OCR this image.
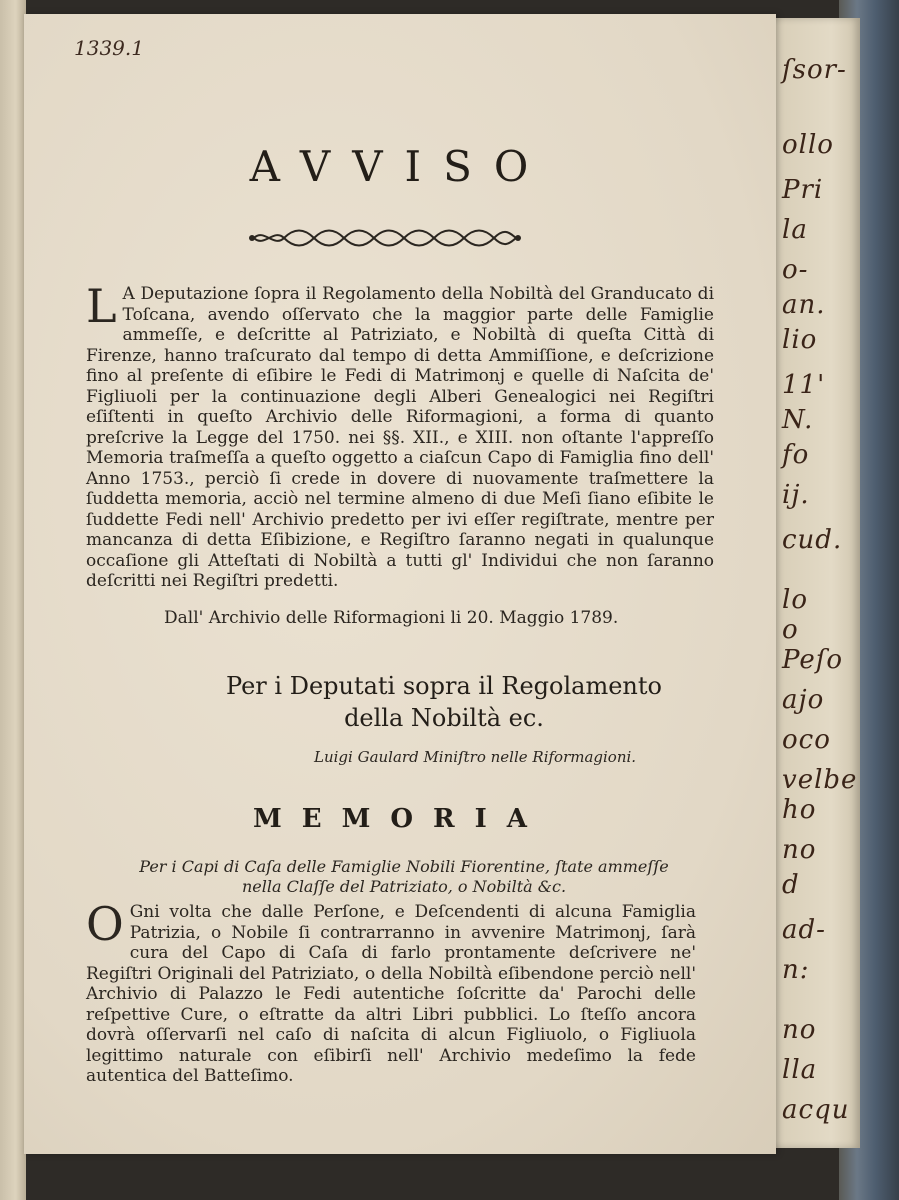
ſsor-
ollo
Pri
la
o-
an.
lio
11'
N.
fo
ij.
cud.
lo
o
Peſo
ajo
oco
velbe
ho
no
d
ad-
n:
no
lla
acqu
1339.1
AVVISO

L A Deputazione ſopra il Regolamento della Nobiltà del Granducato di Toſcana, avendo oſſervato che la maggior parte delle Famiglie ammeſſe, e deſcritte al Patriziato, e Nobiltà di queſta Città di Firenze, hanno traſcurato dal tempo di detta Ammiſſione, e deſcrizione fino al preſente di eſibire le Fedi di Matrimonj e quelle di Naſcita de' Figliuoli per la continuazione degli Alberi Genealogici nei Regiſtri eſiſtenti in queſto Archivio delle Riformagioni, a forma di quanto preſcrive la Legge del 1750. nei §§. XII., e XIII. non oſtante l'appreſſo Memoria traſmeſſa a queſto oggetto a ciaſcun Capo di Famiglia fino dell' Anno 1753., perciò ſi crede in dovere di nuovamente traſmettere la ſuddetta memoria, acciò nel termine almeno di due Meſi ſiano eſibite le ſuddette Fedi nell' Archivio predetto per ivi eſſer regiſtrate, mentre per mancanza di detta Eſibizione, e Regiſtro ſaranno negati in qualunque occaſione gli Atteſtati di Nobiltà a tutti gl' Individui che non ſaranno deſcritti nei Regiſtri predetti.

Dall' Archivio delle Riformagioni li 20. Maggio 1789.
Per i Deputati sopra il Regolamento
della Nobiltà ec.
Luigi Gaulard Miniſtro nelle Riformagioni.
MEMORIA
Per i Capi di Caſa delle Famiglie Nobili Fiorentine, ſtate ammeſſe
nella Claſſe del Patriziato, o Nobiltà &c.

O Gni volta che dalle Perſone, e Deſcendenti di alcuna Famiglia Patrizia, o Nobile ſi contrarranno in avvenire Matrimonj, ſarà cura del Capo di Caſa di farlo prontamente deſcrivere ne' Regiſtri Originali del Patriziato, o della Nobiltà eſibendone perciò nell' Archivio di Palazzo le Fedi autentiche ſoſcritte da' Parochi delle reſpettive Cure, o eſtratte da altri Libri pubblici. Lo ſteſſo ancora dovrà oſſervarſi nel caſo di naſcita di alcun Figliuolo, o Figliuola legittimo naturale con eſibirſi nell' Archivio medeſimo la fede autentica del Batteſimo.
